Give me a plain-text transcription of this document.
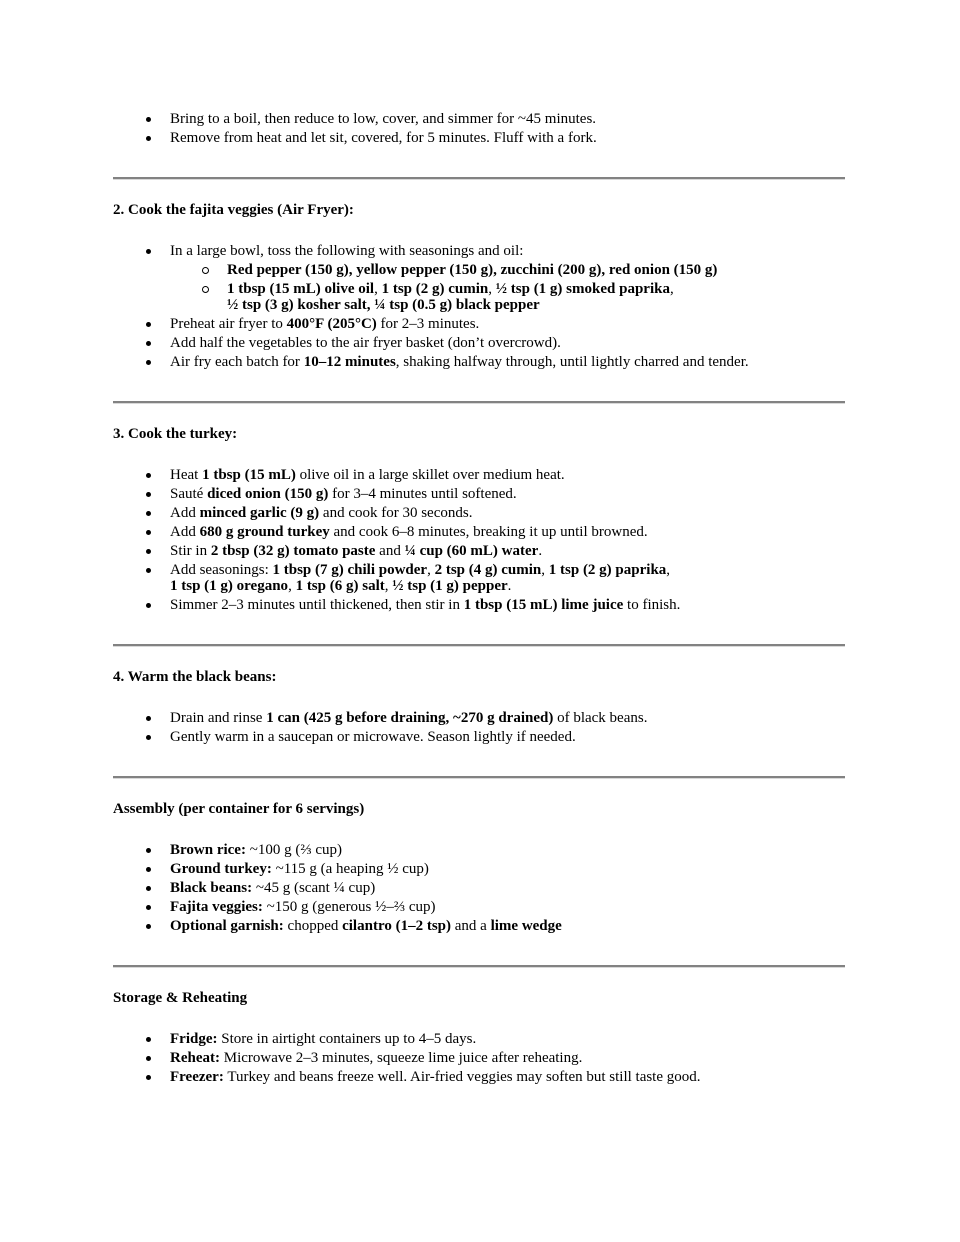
Bring to a boil, then reduce to low, cover, and simmer for ~45 minutes.
Remove from heat and let sit, covered, for 5 minutes. Fluff with a fork.
2. Cook the fajita veggies (Air Fryer):
In a large bowl, toss the following with seasonings and oil:
Red pepper (150 g), yellow pepper (150 g), zucchini (200 g), red onion (150 g)
1 tbsp (15 mL) olive oil, 1 tsp (2 g) cumin, ½ tsp (1 g) smoked paprika,
½ tsp (3 g) kosher salt, ¼ tsp (0.5 g) black pepper
Preheat air fryer to 400°F (205°C) for 2–3 minutes.
Add half the vegetables to the air fryer basket (don’t overcrowd).
Air fry each batch for 10–12 minutes, shaking halfway through, until lightly charred and tender.
3. Cook the turkey:
Heat 1 tbsp (15 mL) olive oil in a large skillet over medium heat.
Sauté diced onion (150 g) for 3–4 minutes until softened.
Add minced garlic (9 g) and cook for 30 seconds.
Add 680 g ground turkey and cook 6–8 minutes, breaking it up until browned.
Stir in 2 tbsp (32 g) tomato paste and ¼ cup (60 mL) water.
Add seasonings: 1 tbsp (7 g) chili powder, 2 tsp (4 g) cumin, 1 tsp (2 g) paprika,
1 tsp (1 g) oregano, 1 tsp (6 g) salt, ½ tsp (1 g) pepper.
Simmer 2–3 minutes until thickened, then stir in 1 tbsp (15 mL) lime juice to finish.
4. Warm the black beans:
Drain and rinse 1 can (425 g before draining, ~270 g drained) of black beans.
Gently warm in a saucepan or microwave. Season lightly if needed.
Assembly (per container for 6 servings)
Brown rice: ~100 g (⅔ cup)
Ground turkey: ~115 g (a heaping ½ cup)
Black beans: ~45 g (scant ¼ cup)
Fajita veggies: ~150 g (generous ½–⅔ cup)
Optional garnish: chopped cilantro (1–2 tsp) and a lime wedge
Storage & Reheating
Fridge: Store in airtight containers up to 4–5 days.
Reheat: Microwave 2–3 minutes, squeeze lime juice after reheating.
Freezer: Turkey and beans freeze well. Air-fried veggies may soften but still taste good.
